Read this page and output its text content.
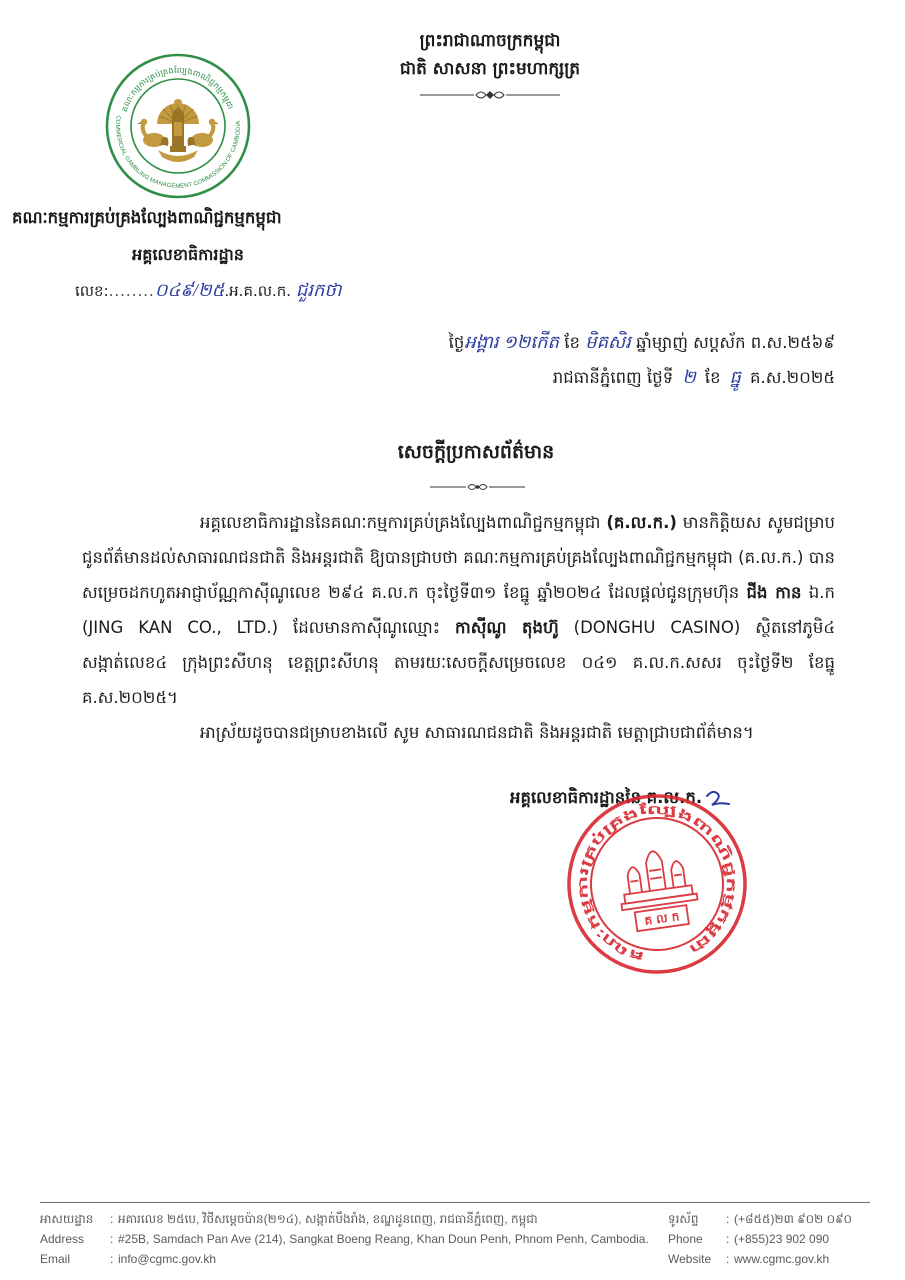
ព្រះរាជាណាចក្រកម្ពុជា
ជាតិ សាសនា ព្រះមហាក្សត្រ
គណៈកម្មការគ្រប់គ្រងល្បែងពាណិជ្ជកម្មកម្ពុជា
COMMERCIAL GAMBLING MANAGEMENT COMMISSION OF CAMBODIA
គណៈកម្មការគ្រប់គ្រងល្បែងពាណិជ្ជកម្មកម្ពុជា
អគ្គលេខាធិការដ្ឋាន
លេខ:........០៤៩/២៥.អ.គ.ល.ក. ជួរកថា
ថ្ងៃអង្គារ ១២កើត ខែ មិគសិរ ឆ្នាំម្សាញ់ សប្តស័ក ព.ស.២៥៦៩
រាជធានីភ្នំពេញ ថ្ងៃទី ២ ខែ ធ្នូ គ.ស.២០២៥
សេចក្តីប្រកាសព័ត៌មាន

អគ្គលេខាធិការដ្ឋាននៃគណៈកម្មការគ្រប់គ្រងល្បែងពាណិជ្ជកម្មកម្ពុជា (គ.ល.ក.) មានកិត្តិយស សូមជម្រាបជូនព័ត៌មានដល់សាធារណជនជាតិ និងអន្តរជាតិ ឱ្យបានជ្រាបថា គណៈកម្មការគ្រប់គ្រងល្បែងពាណិជ្ជកម្មកម្ពុជា (គ.ល.ក.) បានសម្រេចដកហូតអាជ្ញាប័ណ្ណកាស៊ីណូលេខ ២៩៤ គ.ល.ក ចុះថ្ងៃទី៣១ ខែធ្នូ ឆ្នាំ២០២៤ ដែលផ្តល់ជូនក្រុមហ៊ុន ជីង កាន ឯ.ក (JING KAN CO., LTD.) ដែលមានកាស៊ីណូឈ្មោះ កាស៊ីណូ តុងហ៊ូ (DONGHU CASINO) ស្ថិតនៅភូមិ៤ សង្កាត់លេខ៤ ក្រុងព្រះសីហនុ ខេត្តព្រះសីហនុ តាមរយៈសេចក្តីសម្រេចលេខ ០៤១ គ.ល.ក.សសរ ចុះថ្ងៃទី២ ខែធ្នូ គ.ស.២០២៥។

អាស្រ័យដូចបានជម្រាបខាងលើ សូម សាធារណជនជាតិ និងអន្តរជាតិ មេត្តាជ្រាបជាព័ត៌មាន។

អគ្គលេខាធិការដ្ឋាននៃ គ.ល.ក.
គណៈកម្មការគ្រប់គ្រងល្បែងពាណិជ្ជកម្មកម្ពុជា
គ ល ក
អាសយដ្ឋាន : អគារលេខ ២៥បេ, វិថីសម្តេចប៉ាន(២១៤), សង្កាត់បឹងរាំង, ខណ្ឌដូនពេញ, រាជធានីភ្នំពេញ, កម្ពុជា
Address : #25B, Samdach Pan Ave (214), Sangkat Boeng Reang, Khan Doun Penh, Phnom Penh, Cambodia.
Email	: info@cgmc.gov.kh
ទូរស័ព្ទ : (+៨៥៥)២៣ ៩០២ ០៩០
Phone : (+855)23 902 090
Website : www.cgmc.gov.kh
